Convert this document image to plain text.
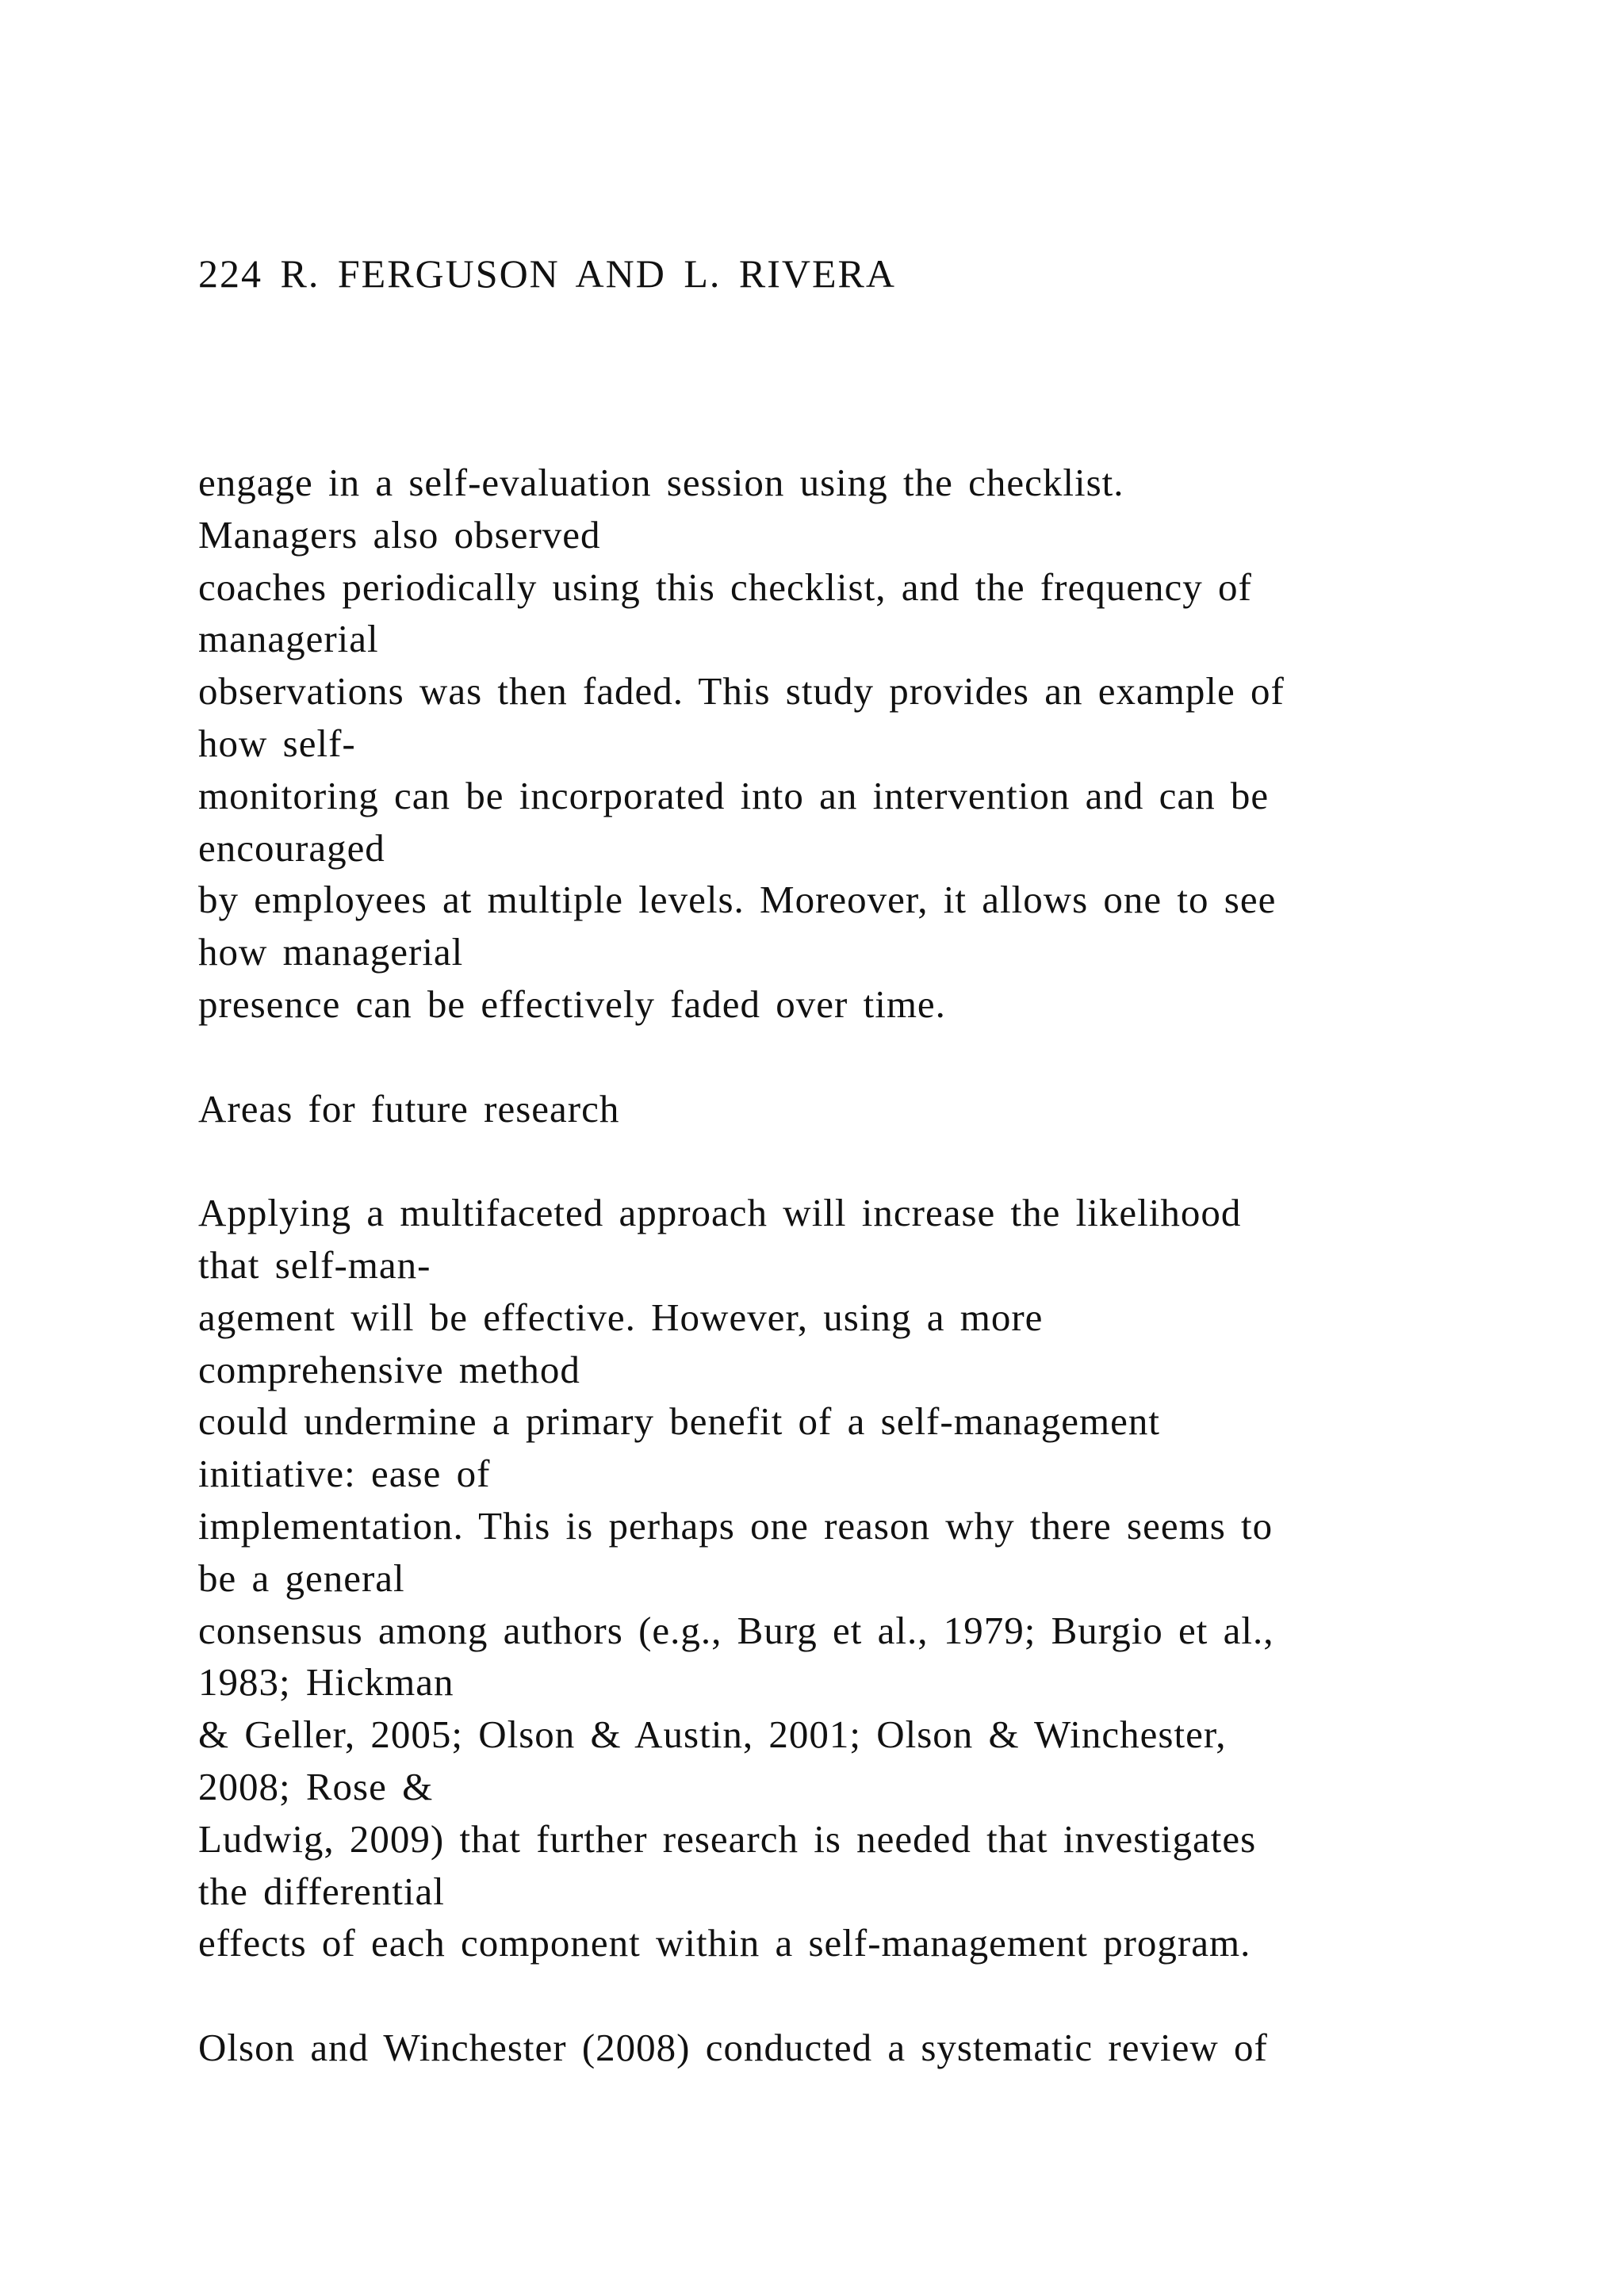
224 R. FERGUSON AND L. RIVERA
engage in a self-evaluation session using the checklist.
Managers also observed
coaches periodically using this checklist, and the frequency of
managerial
observations was then faded. This study provides an example of
how self-
monitoring can be incorporated into an intervention and can be
encouraged
by employees at multiple levels. Moreover, it allows one to see
how managerial
presence can be effectively faded over time.
Areas for future research
Applying a multifaceted approach will increase the likelihood
that self-man-
agement will be effective. However, using a more
comprehensive method
could undermine a primary benefit of a self-management
initiative: ease of
implementation. This is perhaps one reason why there seems to
be a general
consensus among authors (e.g., Burg et al., 1979; Burgio et al.,
1983; Hickman
& Geller, 2005; Olson & Austin, 2001; Olson & Winchester,
2008; Rose &
Ludwig, 2009) that further research is needed that investigates
the differential
effects of each component within a self-management program.
Olson and Winchester (2008) conducted a systematic review of
